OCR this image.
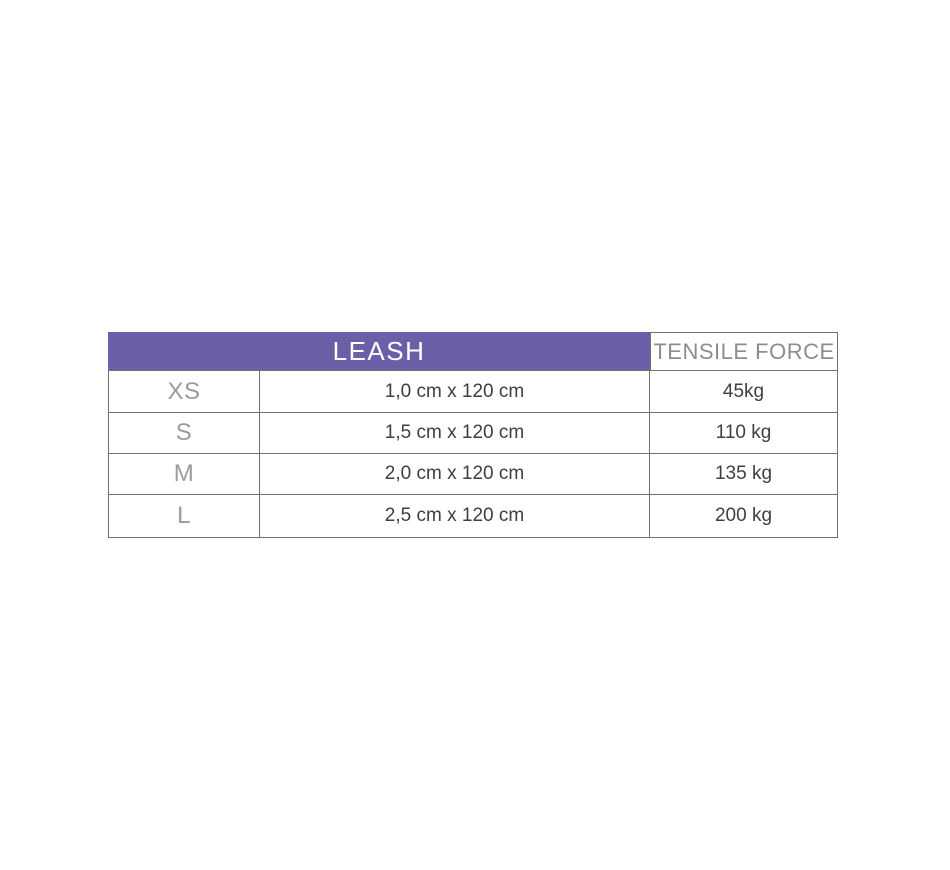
LEASH	TENSILE FORCE
XS	1,0 cm x 120 cm	45kg
S	1,5 cm x 120 cm	110 kg
M	2,0 cm x 120 cm	135 kg
L	2,5 cm x 120 cm	200 kg
